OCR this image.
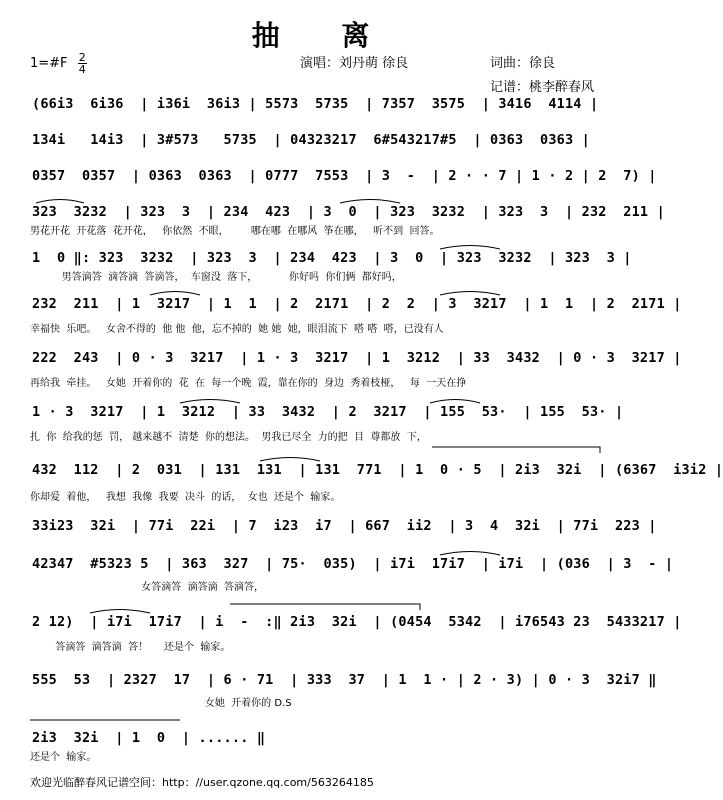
抽 离
1=#F $\frac{2}{4}$	演唱：刘丹萌 徐良	词曲：徐良
记谱：桃李醉春风
(66i3  6i36  | i36i  36i3 | 5573  5735  | 7357  3575  | 3416  4114 |
134i   14i3  | 3#573   5735  | 04323217  6#543217#5  | 0363  0363 |
0357  0357  | 0363  0363  | 0777  7553  | 3  -  | 2 · · 7 | 1 · 2 | 2  7) |
323  3232  | 323  3  | 234  423  | 3  0  | 323  3232  | 323  3  | 232  211 |
男花开花  开花落  花开花，   你依然  不眼，       哪在哪  在哪风  筝在哪，   听不到  回答。
1  0 ‖: 323  3232  | 323  3  | 234  423  | 3  0  | 323  3232  | 323  3 |
男答滴答  滴答滴  答滴答，  车窗没  落下，          你好吗  你们俩  都好吗，
232  211  | 1  3217  | 1  1  | 2  2171  | 2  2  | 3  3217  | 1  1  | 2  2171 |
幸福快  乐吧。   女舍不得的  他 他  他，忘不掉的  她 她  她，眼泪流下  嗒 嗒  嗒，已没有人
222  243  | 0 · 3  3217  | 1 · 3  3217  | 1  3212  | 33  3432  | 0 · 3  3217 |
再给我  牵挂。   女她  开着你的  花  在  每一个晚  霞，靠在你的  身边  秀着枝桠，   每  一天在挣
1 · 3  3217  | 1  3212  | 33  3432  | 2  3217  | 155  53·  | 155  53· |
扎  你  给我的惩  罚， 越来越不  清楚  你的想法。  男我已尽全  力的把  目  尊都放  下，
432  112  | 2  031  | 131  131  | 131  771  | 1  0 · 5  | 2i3  32i  | (6367  i3i2 |
你却爱  着他，   我想  我像  我要  决斗  的话，  女也  还是个  输家。
33i23  32i  | 77i  22i  | 7  i23  i7  | 667  ii2  | 3  4  32i  | 77i  223 |
42347  #5323 5  | 363  327  | 75·  035)  | i7i  17i7  | i7i  | (036  | 3  - |
女答滴答  滴答滴  答滴答，
2 12)  | i7i  17i7  | i  -  :‖ 2i3  32i  | (0454  5342  | i76543 23  5433217 |
答滴答  滴答滴  答！     还是个  输家。
555  53  | 2327  17  | 6 · 71  | 333  37  | 1  1 · | 2 · 3) | 0 · 3  32i7 ‖
女她  开着你的 D.S
2i3  32i  | 1  0  | ...... ‖
还是个  输家。
欢迎光临醉春风记谱空间：http：//user.qzone.qq.com/563264185
